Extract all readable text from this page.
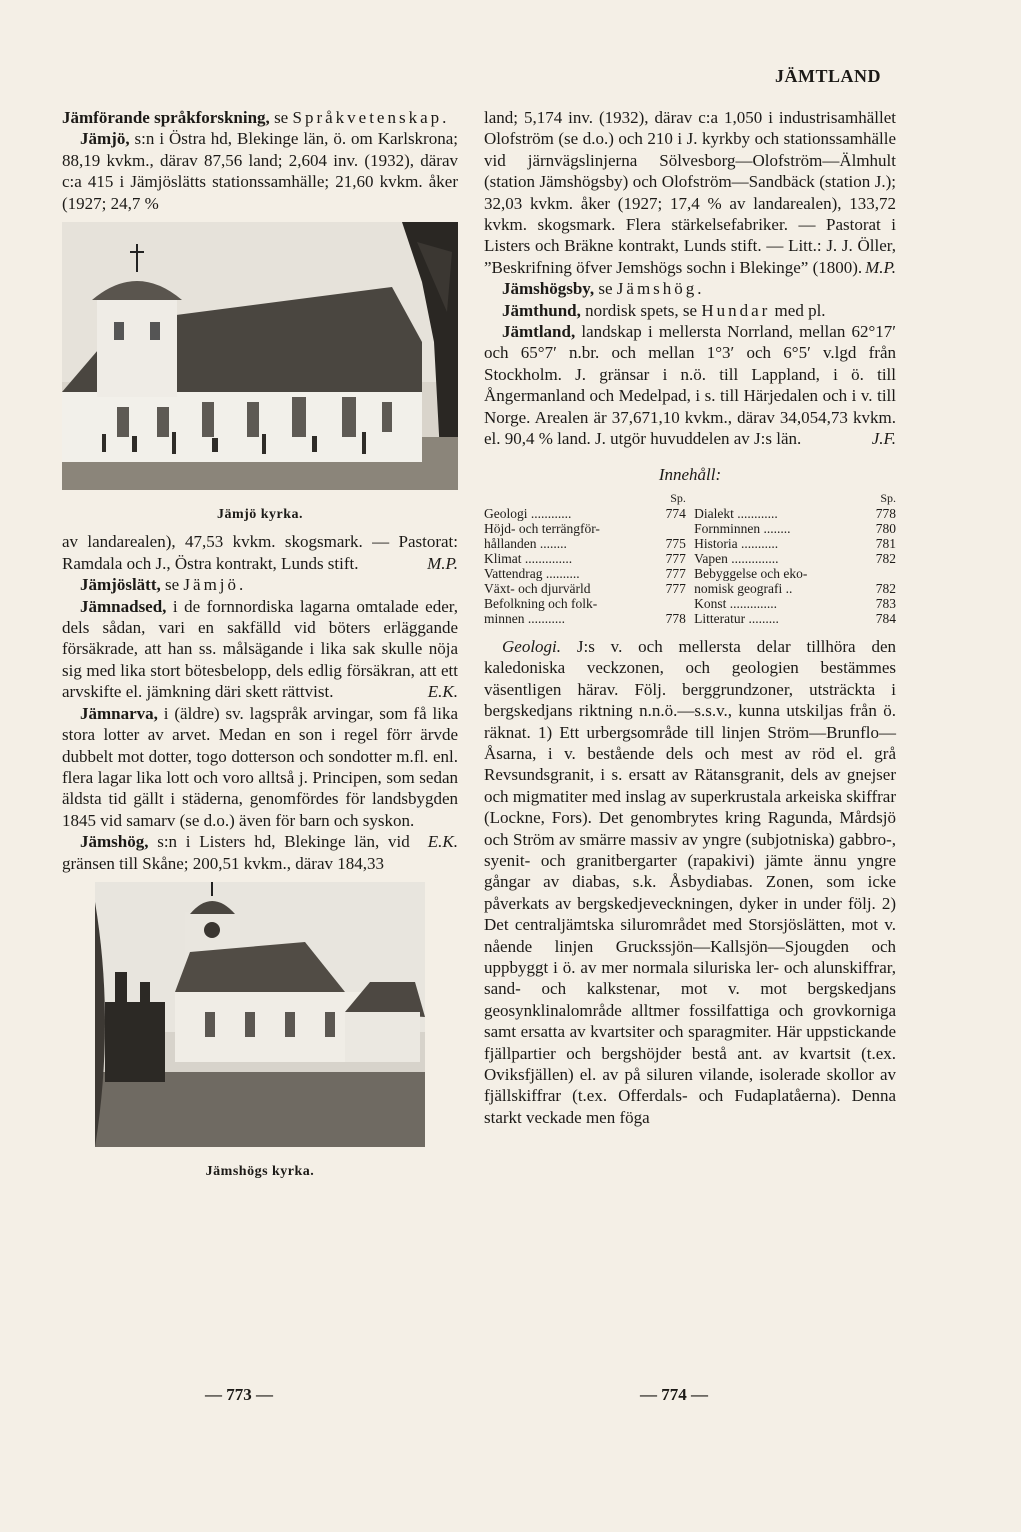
JÄMTLAND

Jämförande språkforskning, se Språkvetenskap.

Jämjö, s:n i Östra hd, Blekinge län, ö. om Karlskrona; 88,19 kvkm., därav 87,56 land; 2,604 inv. (1932), därav c:a 415 i Jämjöslätts stationssamhälle; 21,60 kvkm. åker (1927; 24,7 %

Jämjö kyrka.

av landarealen), 47,53 kvkm. skogsmark. — Pastorat: Ramdala och J., Östra kontrakt, Lunds stift.	M.P.

Jämjöslätt, se Jämjö.

Jämnadsed, i de fornnordiska lagarna omtalade eder, dels sådan, vari en sakfälld vid böters erläggande försäkrade, att han ss. målsägande i lika sak skulle nöja sig med lika stort bötesbelopp, dels edlig försäkran, att ett arvskifte el. jämkning däri skett rättvist.	E.K.

Jämnarva, i (äldre) sv. lagspråk arvingar, som få lika stora lotter av arvet. Medan en son i regel förr ärvde dubbelt mot dotter, togo dotterson och sondotter m.fl. enl. flera lagar lika lott och voro alltså j. Principen, som sedan äldsta tid gällt i städerna, genomfördes för landsbygden 1845 vid samarv (se d.o.) även för barn och syskon.
E.K.

Jämshög, s:n i Listers hd, Blekinge län, vid gränsen till Skåne; 200,51 kvkm., därav 184,33

Jämshögs kyrka.

land; 5,174 inv. (1932), därav c:a 1,050 i industrisamhället Olofström (se d.o.) och 210 i J. kyrkby och stationssamhälle vid järnvägslinjerna Sölvesborg—Olofström—Älmhult (station Jämshögsby) och Olofström—Sandbäck (station J.); 32,03 kvkm. åker (1927; 17,4 % av landarealen), 133,72 kvkm. skogsmark. Flera stärkelsefabriker. — Pastorat i Listers och Bräkne kontrakt, Lunds stift. — Litt.: J. J. Öller, ”Beskrifning öfver Jemshögs sochn i Blekinge” (1800). M.P.

Jämshögsby, se Jämshög.

Jämthund, nordisk spets, se Hundar med pl.

Jämtland, landskap i mellersta Norrland, mellan 62°17′ och 65°7′ n.br. och mellan 1°3′ och 6°5′ v.lgd från Stockholm. J. gränsar i n.ö. till Lappland, i ö. till Ångermanland och Medelpad, i s. till Härjedalen och i v. till Norge. Arealen är 37,671,10 kvkm., därav 34,054,73 kvkm. el. 90,4 % land. J. utgör huvuddelen av J:s län.	J.F.

Innehåll:
Sp.
Geologi ............	774
Höjd- och terrängför-
hållanden ........	775
Klimat ..............	777
Vattendrag ..........	777
Växt- och djurvärld	777
Befolkning och folk-
minnen ...........	778
Sp.
Dialekt ............	778
Fornminnen ........	780
Historia ...........	781
Vapen ..............	782
Bebyggelse och eko-
nomisk geografi ..	782
Konst ..............	783
Litteratur .........	784

Geologi. J:s v. och mellersta delar tillhöra den kaledoniska veckzonen, och geologien bestämmes väsentligen härav. Följ. berggrundzoner, utsträckta i bergskedjans riktning n.n.ö.—s.s.v., kunna utskiljas från ö. räknat. 1) Ett urbergsområde till linjen Ström—Brunflo—Åsarna, i v. bestående dels och mest av röd el. grå Revsundsgranit, i s. ersatt av Rätansgranit, dels av gnejser och migmatiter med inslag av superkrustala arkeiska skiffrar (Lockne, Fors). Det genombrytes kring Ragunda, Mårdsjö och Ström av smärre massiv av yngre (subjotniska) gabbro-, syenit- och granitbergarter (rapakivi) jämte ännu yngre gångar av diabas, s.k. Åsbydiabas. Zonen, som icke påverkats av bergskedjeveckningen, dyker in under följ. 2) Det centraljämtska silurområdet med Storsjöslätten, mot v. nående linjen Gruckssjön—Kallsjön—Sjougden och uppbyggt i ö. av mer normala siluriska ler- och alunskiffrar, sand- och kalkstenar, mot v. mot bergskedjans geosynklinalområde alltmer fossilfattiga och grovkorniga samt ersatta av kvartsiter och sparagmiter. Här uppstickande fjällpartier och bergshöjder bestå ant. av kvartsit (t.ex. Oviksfjällen) el. av på siluren vilande, isolerade skollor av fjällskiffrar (t.ex. Offerdals- och Fudaplatåerna). Denna starkt veckade men föga

— 773 —	— 774 —
